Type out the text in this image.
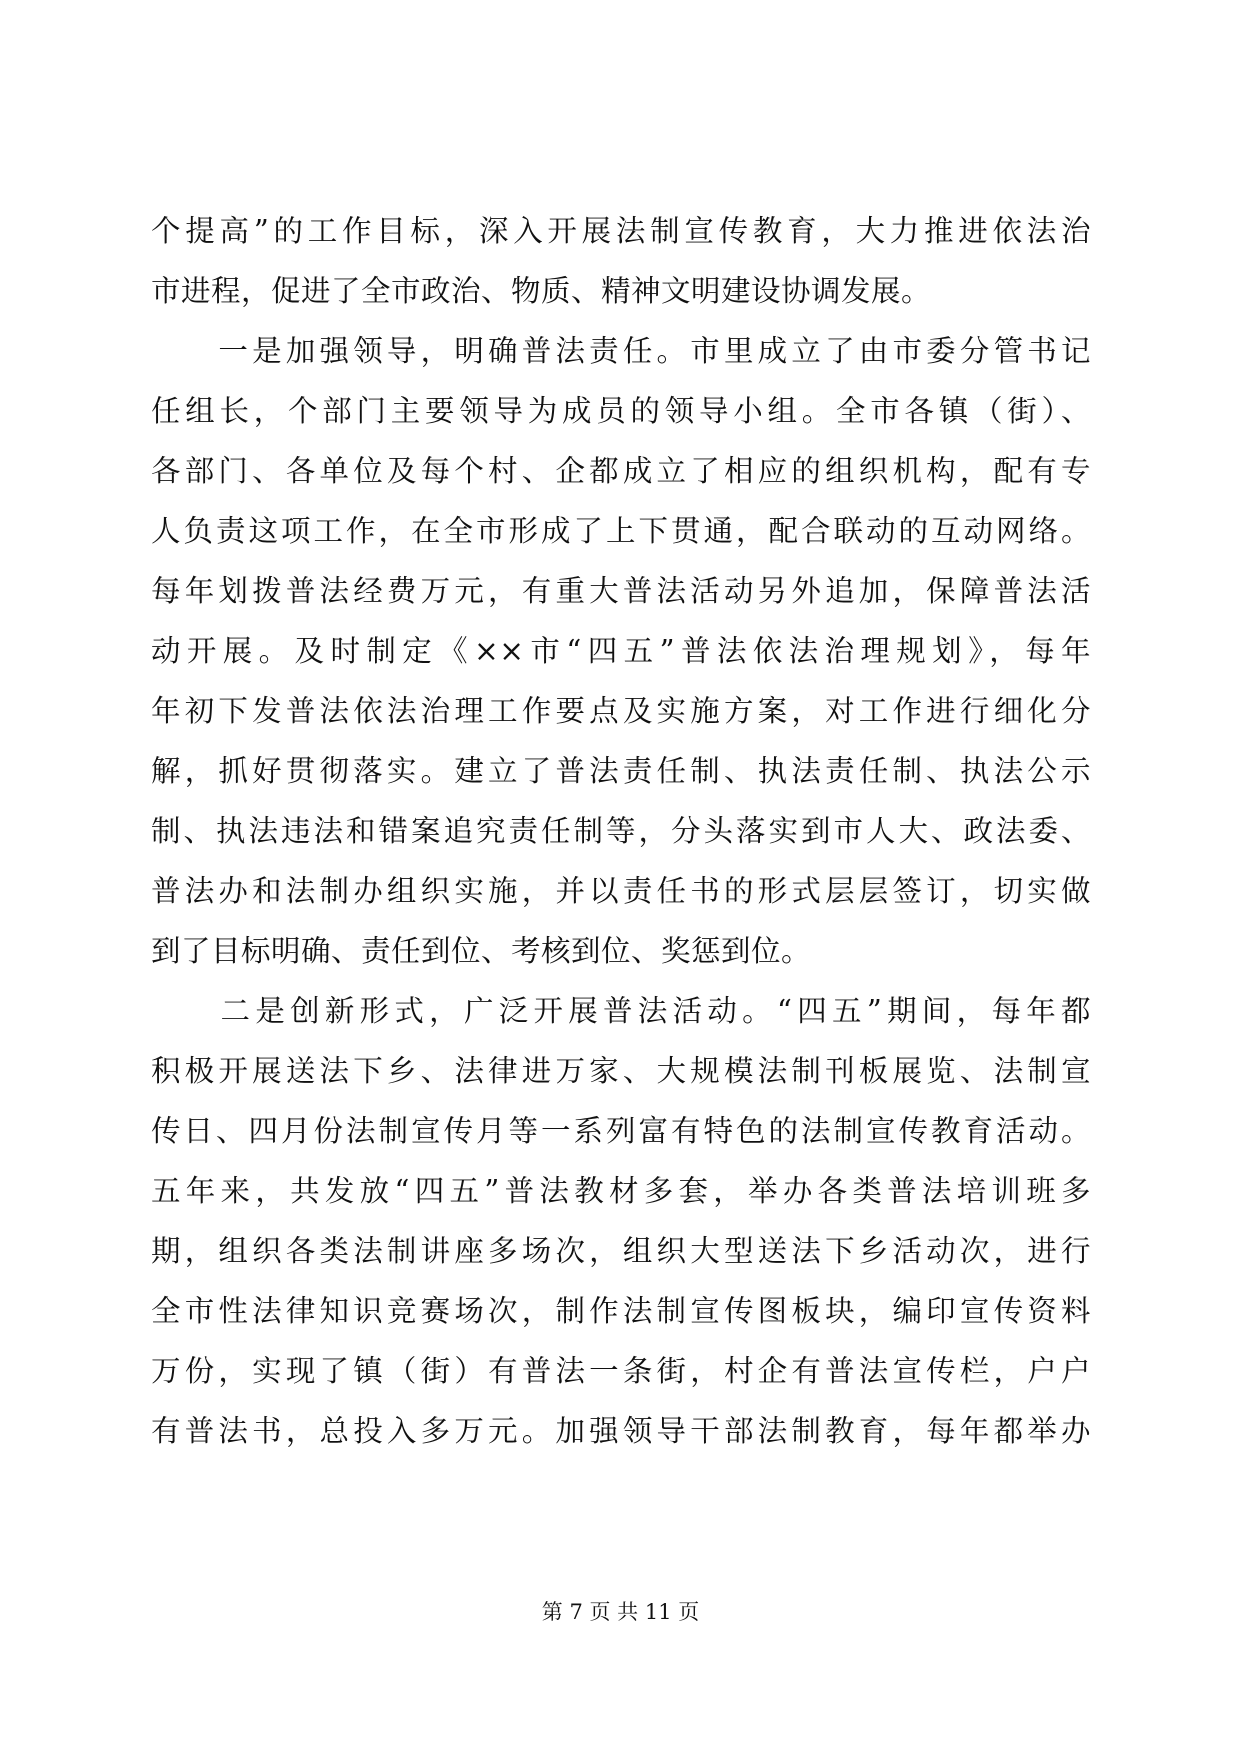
个提高”的工作目标，深入开展法制宣传教育，大力推进依法治
市进程，促进了全市政治、物质、精神文明建设协调发展。
　　一是加强领导，明确普法责任。市里成立了由市委分管书记
任组长，个部门主要领导为成员的领导小组。全市各镇（街）、
各部门、各单位及每个村、企都成立了相应的组织机构，配有专
人负责这项工作，在全市形成了上下贯通，配合联动的互动网络。
每年划拨普法经费万元，有重大普法活动另外追加，保障普法活
动开展。及时制定《××市“四五”普法依法治理规划》，每年
年初下发普法依法治理工作要点及实施方案，对工作进行细化分
解，抓好贯彻落实。建立了普法责任制、执法责任制、执法公示
制、执法违法和错案追究责任制等，分头落实到市人大、政法委、
普法办和法制办组织实施，并以责任书的形式层层签订，切实做
到了目标明确、责任到位、考核到位、奖惩到位。
　　二是创新形式，广泛开展普法活动。“四五”期间，每年都
积极开展送法下乡、法律进万家、大规模法制刊板展览、法制宣
传日、四月份法制宣传月等一系列富有特色的法制宣传教育活动。
五年来，共发放“四五”普法教材多套，举办各类普法培训班多
期，组织各类法制讲座多场次，组织大型送法下乡活动次，进行
全市性法律知识竞赛场次，制作法制宣传图板块，编印宣传资料
万份，实现了镇（街）有普法一条街，村企有普法宣传栏，户户
有普法书，总投入多万元。加强领导干部法制教育，每年都举办
第 7 页 共 11 页
